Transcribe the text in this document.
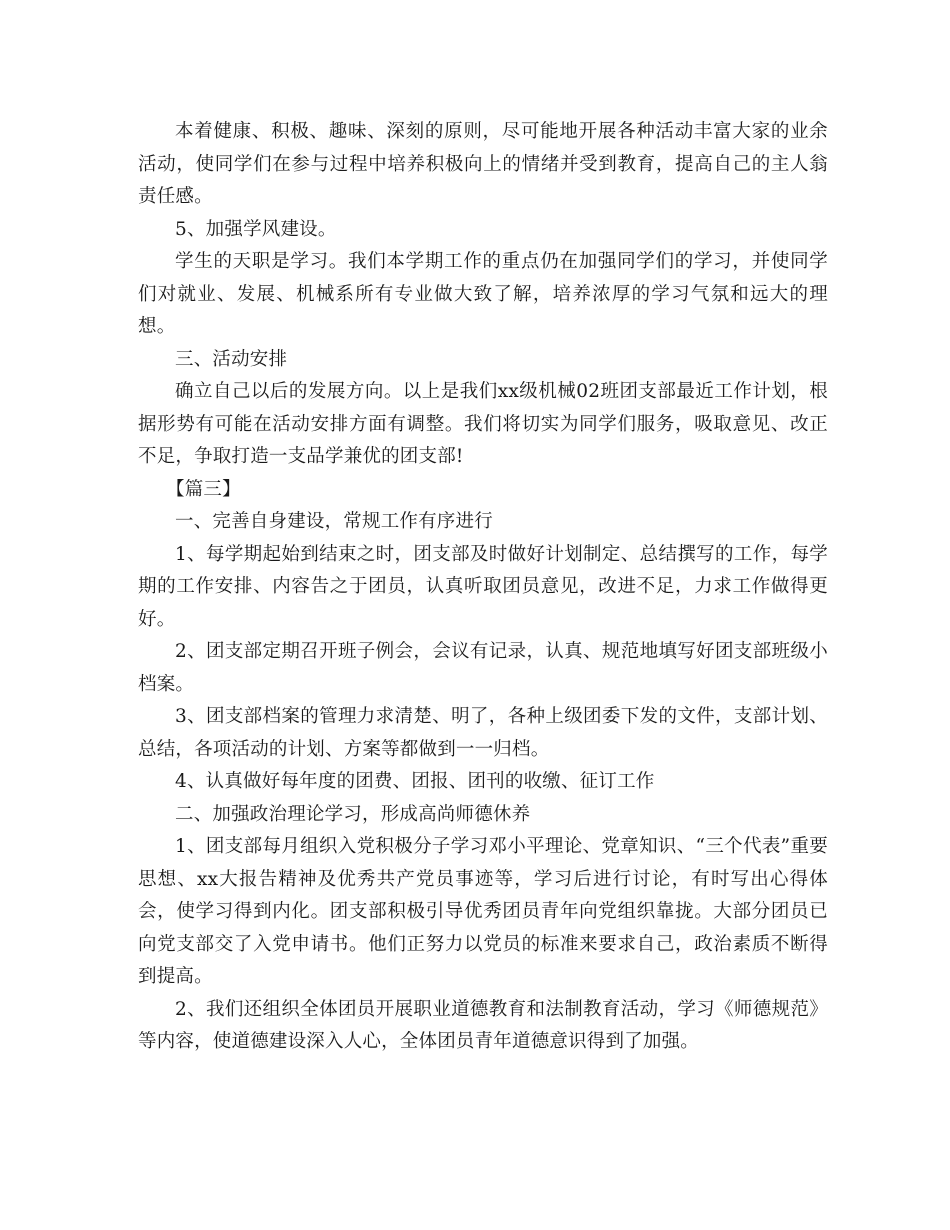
本着健康、积极、趣味、深刻的原则，尽可能地开展各种活动丰富大家的业余活动，使同学们在参与过程中培养积极向上的情绪并受到教育，提高自己的主人翁责任感。

5、加强学风建设。

学生的天职是学习。我们本学期工作的重点仍在加强同学们的学习，并使同学们对就业、发展、机械系所有专业做大致了解，培养浓厚的学习气氛和远大的理想。

三、活动安排

确立自己以后的发展方向。以上是我们xx级机械02班团支部最近工作计划，根据形势有可能在活动安排方面有调整。我们将切实为同学们服务，吸取意见、改正不足，争取打造一支品学兼优的团支部!

【篇三】

一、完善自身建设，常规工作有序进行

1、每学期起始到结束之时，团支部及时做好计划制定、总结撰写的工作，每学期的工作安排、内容告之于团员，认真听取团员意见，改进不足，力求工作做得更好。

2、团支部定期召开班子例会，会议有记录，认真、规范地填写好团支部班级小档案。

3、团支部档案的管理力求清楚、明了，各种上级团委下发的文件，支部计划、总结，各项活动的计划、方案等都做到一一归档。

4、认真做好每年度的团费、团报、团刊的收缴、征订工作

二、加强政治理论学习，形成高尚师德休养

1、团支部每月组织入党积极分子学习邓小平理论、党章知识、“三个代表”重要思想、xx大报告精神及优秀共产党员事迹等，学习后进行讨论，有时写出心得体会，使学习得到内化。团支部积极引导优秀团员青年向党组织靠拢。大部分团员已向党支部交了入党申请书。他们正努力以党员的标准来要求自己，政治素质不断得到提高。

2、我们还组织全体团员开展职业道德教育和法制教育活动，学习《师德规范》等内容，使道德建设深入人心，全体团员青年道德意识得到了加强。
